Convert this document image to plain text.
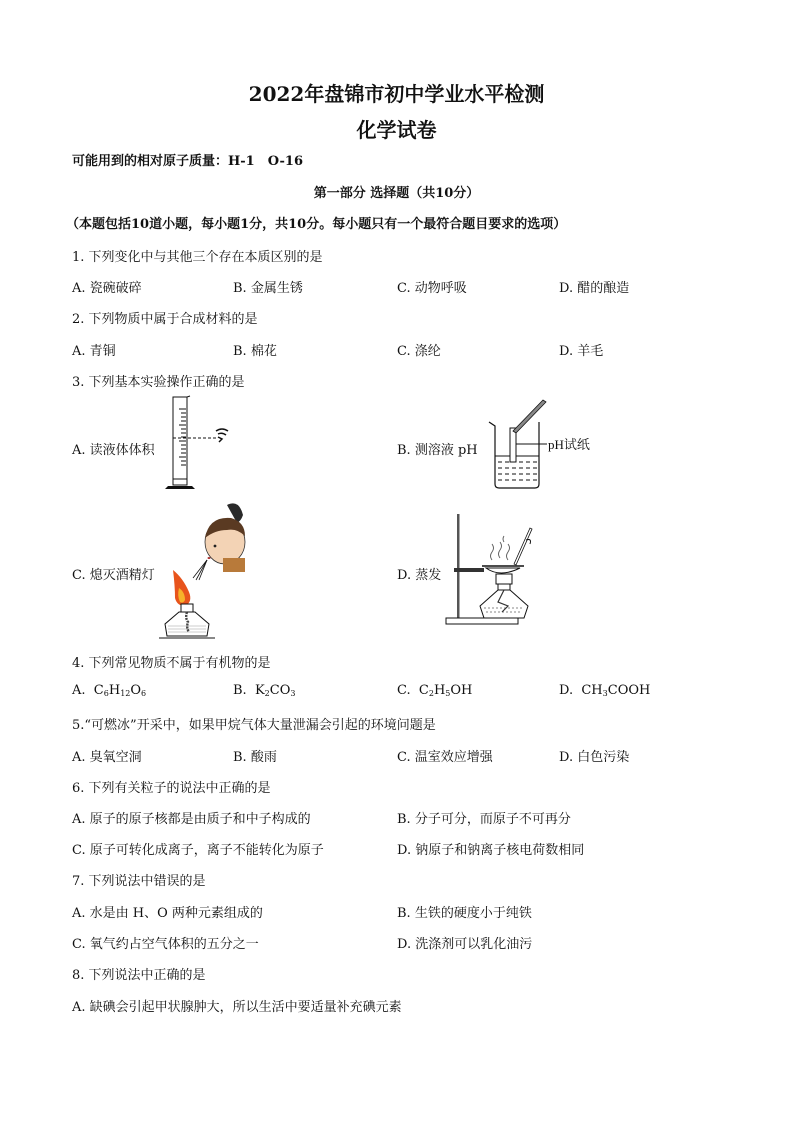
2022年盘锦市初中学业水平检测
化学试卷
可能用到的相对原子质量：H-1　O-16
第一部分 选择题（共10分）
（本题包括10道小题，每小题1分，共10分。每小题只有一个最符合题目要求的选项）
1. 下列变化中与其他三个存在本质区别的是
A. 瓷碗破碎	B. 金属生锈	C. 动物呼吸	D. 醋的酿造
2. 下列物质中属于合成材料的是
A. 青铜	B. 棉花	C. 涤纶	D. 羊毛
3. 下列基本实验操作正确的是
A. 读液体体积	B. 测溶液 pH
C. 熄灭酒精灯	D. 蒸发
pH试纸
4. 下列常见物质不属于有机物的是
A.  $C_6H_{12}O_6$	B.  $K_2CO_3$	C.  $C_2H_5OH$	D.  $CH_3COOH$
5.“可燃冰”开采中，如果甲烷气体大量泄漏会引起的环境问题是
A. 臭氧空洞	B. 酸雨	C. 温室效应增强	D. 白色污染
6. 下列有关粒子的说法中正确的是
A. 原子的原子核都是由质子和中子构成的	B. 分子可分，而原子不可再分
C. 原子可转化成离子，离子不能转化为原子	D. 钠原子和钠离子核电荷数相同
7. 下列说法中错误的是
A. 水是由 H、O 两种元素组成的	B. 生铁的硬度小于纯铁
C. 氧气约占空气体积的五分之一	D. 洗涤剂可以乳化油污
8. 下列说法中正确的是
A. 缺碘会引起甲状腺肿大，所以生活中要适量补充碘元素
